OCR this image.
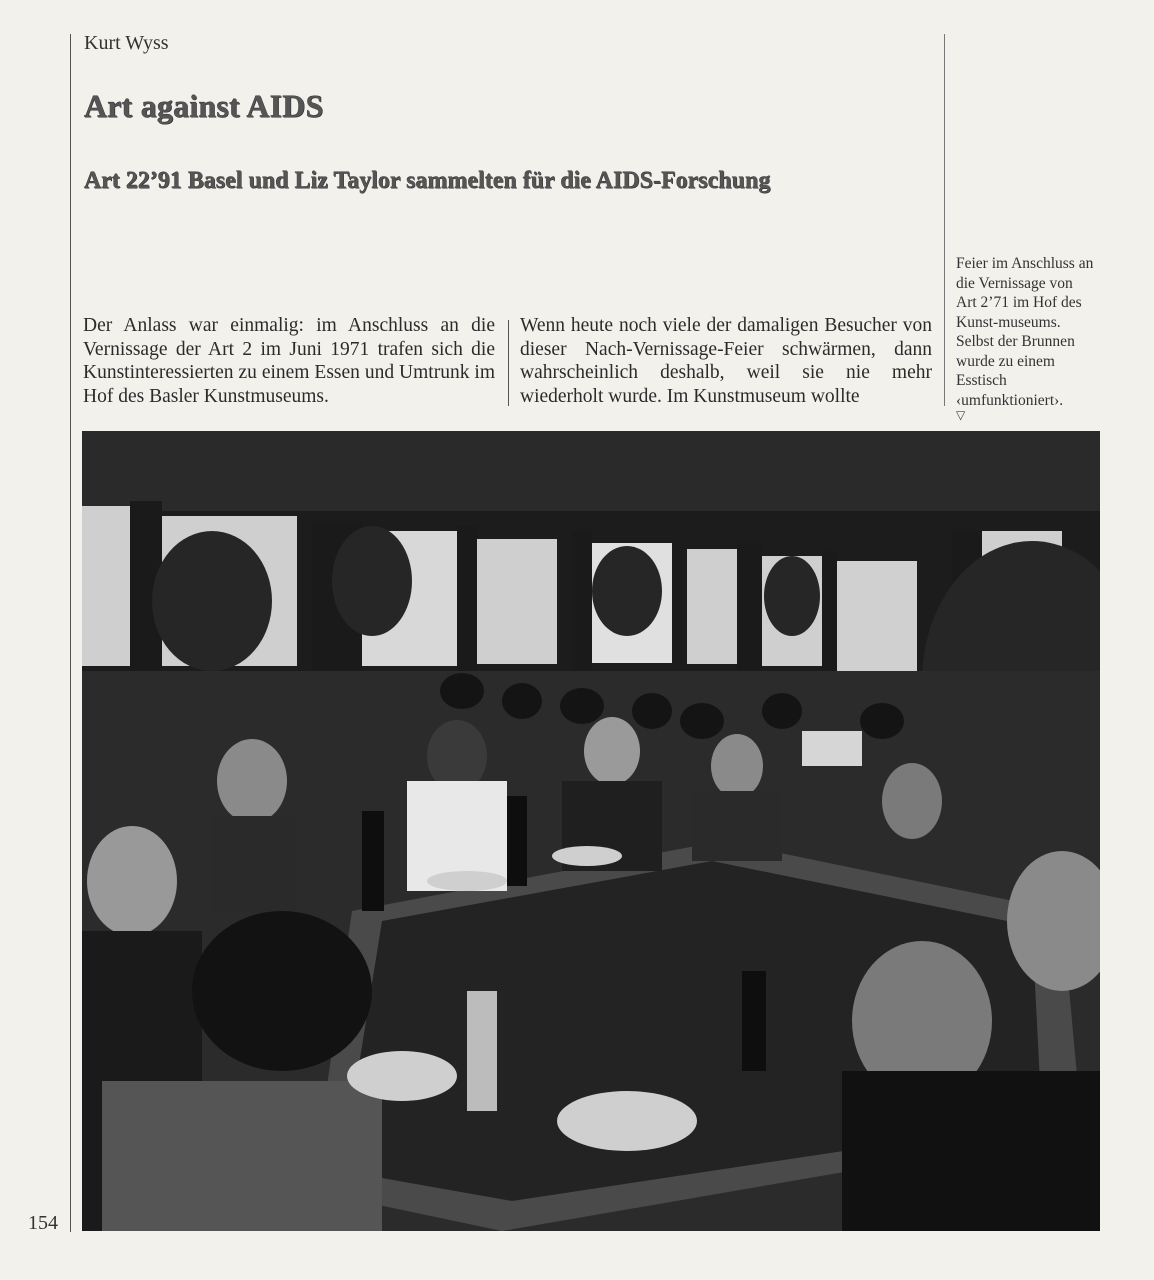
Kurt Wyss
Art against AIDS
Art 22’91 Basel und Liz Taylor sammelten für die AIDS-Forschung
Der Anlass war einmalig: im Anschluss an die Vernissage der Art 2 im Juni 1971 trafen sich die Kunstinteressierten zu einem Essen und Umtrunk im Hof des Basler Kunstmuseums.
Wenn heute noch viele der damaligen Besucher von dieser Nach-Vernissage-Feier schwärmen, dann wahrscheinlich deshalb, weil sie nie mehr wiederholt wurde. Im Kunstmuseum wollte
Feier im Anschluss an die Vernissage von Art 2’71 im Hof des Kunst-museums. Selbst der Brunnen wurde zu einem Esstisch ‹umfunktioniert›.
▽
154
